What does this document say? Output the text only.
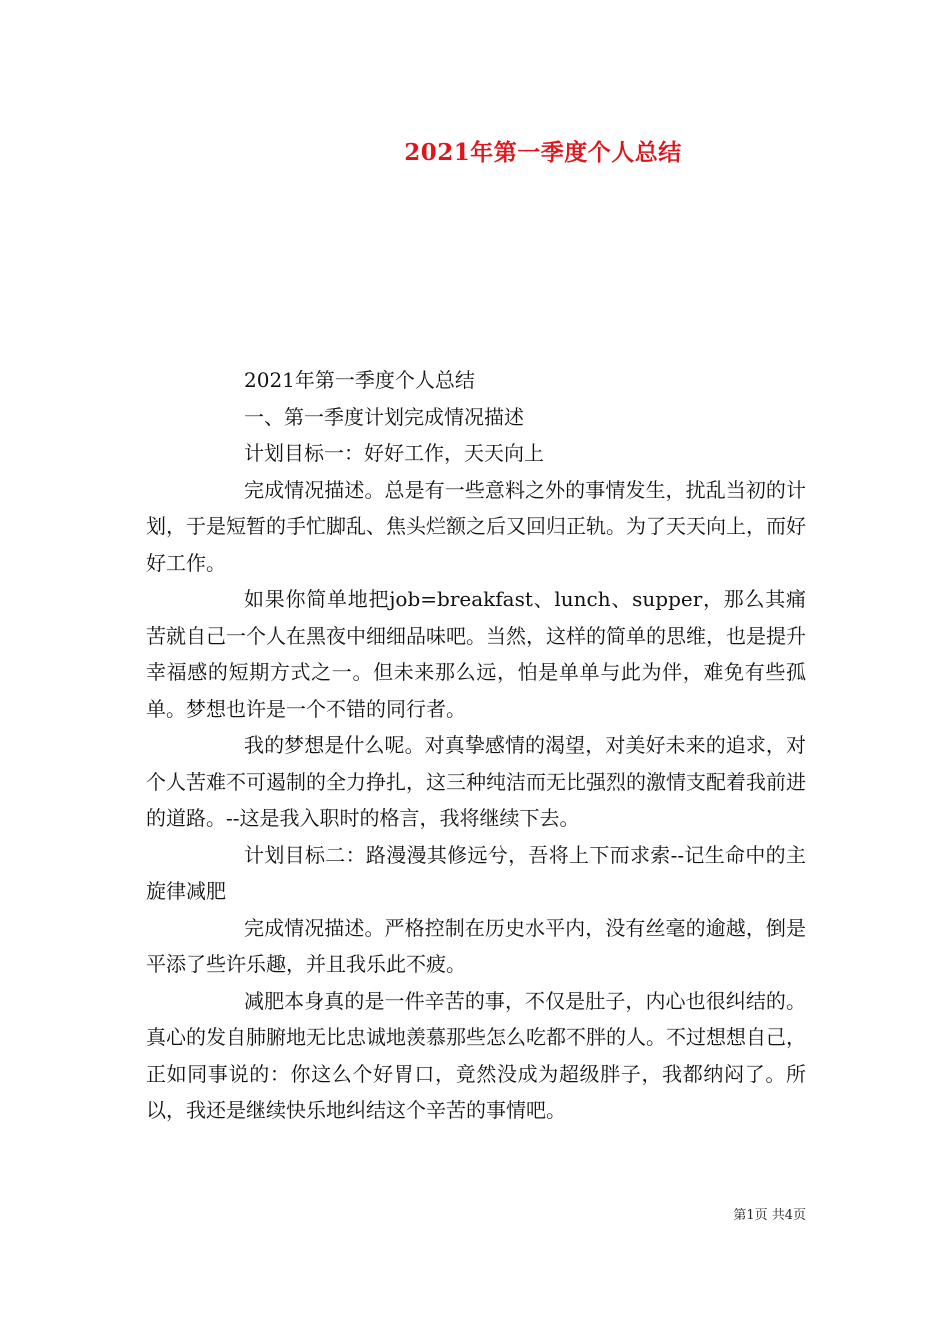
2021年第一季度个人总结

2021年第一季度个人总结

一、第一季度计划完成情况描述

计划目标一：好好工作，天天向上

完成情况描述。总是有一些意料之外的事情发生，扰乱当初的计划，于是短暂的手忙脚乱、焦头烂额之后又回归正轨。为了天天向上，而好好工作。

如果你简单地把job=breakfast、lunch、supper，那么其痛苦就自己一个人在黑夜中细细品味吧。当然，这样的简单的思维，也是提升幸福感的短期方式之一。但未来那么远，怕是单单与此为伴，难免有些孤单。梦想也许是一个不错的同行者。

我的梦想是什么呢。对真挚感情的渴望，对美好未来的追求，对个人苦难不可遏制的全力挣扎，这三种纯洁而无比强烈的激情支配着我前进的道路。--这是我入职时的格言，我将继续下去。

计划目标二：路漫漫其修远兮，吾将上下而求索--记生命中的主旋律减肥

完成情况描述。严格控制在历史水平内，没有丝毫的逾越，倒是平添了些许乐趣，并且我乐此不疲。

减肥本身真的是一件辛苦的事，不仅是肚子，内心也很纠结的。真心的发自肺腑地无比忠诚地羡慕那些怎么吃都不胖的人。不过想想自己，正如同事说的：你这么个好胃口，竟然没成为超级胖子，我都纳闷了。所以，我还是继续快乐地纠结这个辛苦的事情吧。

第1页 共4页
